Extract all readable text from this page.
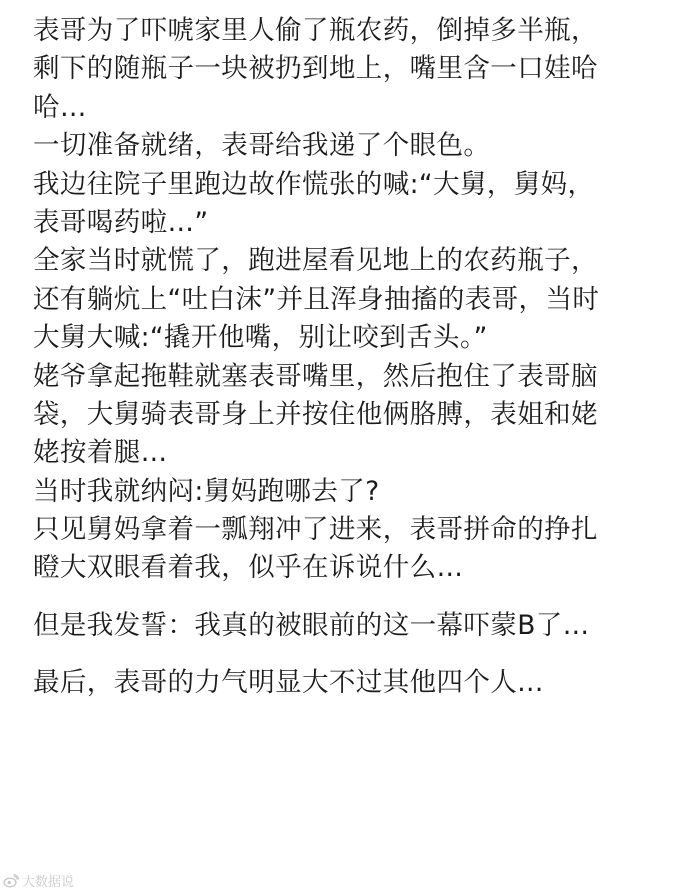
表哥为了吓唬家里人偷了瓶农药，倒掉多半瓶，
剩下的随瓶子一块被扔到地上，嘴里含一口娃哈
哈…
一切准备就绪，表哥给我递了个眼色。
我边往院子里跑边故作慌张的喊:“大舅，舅妈，
表哥喝药啦…”
全家当时就慌了，跑进屋看见地上的农药瓶子，
还有躺炕上“吐白沫”并且浑身抽搐的表哥，当时
大舅大喊:“撬开他嘴，别让咬到舌头。”
姥爷拿起拖鞋就塞表哥嘴里，然后抱住了表哥脑
袋，大舅骑表哥身上并按住他俩胳膊，表姐和姥
姥按着腿…
当时我就纳闷:舅妈跑哪去了?
只见舅妈拿着一瓢翔冲了进来，表哥拼命的挣扎
瞪大双眼看着我，似乎在诉说什么…
但是我发誓：我真的被眼前的这一幕吓蒙B了…
最后，表哥的力气明显大不过其他四个人...
大数据说
